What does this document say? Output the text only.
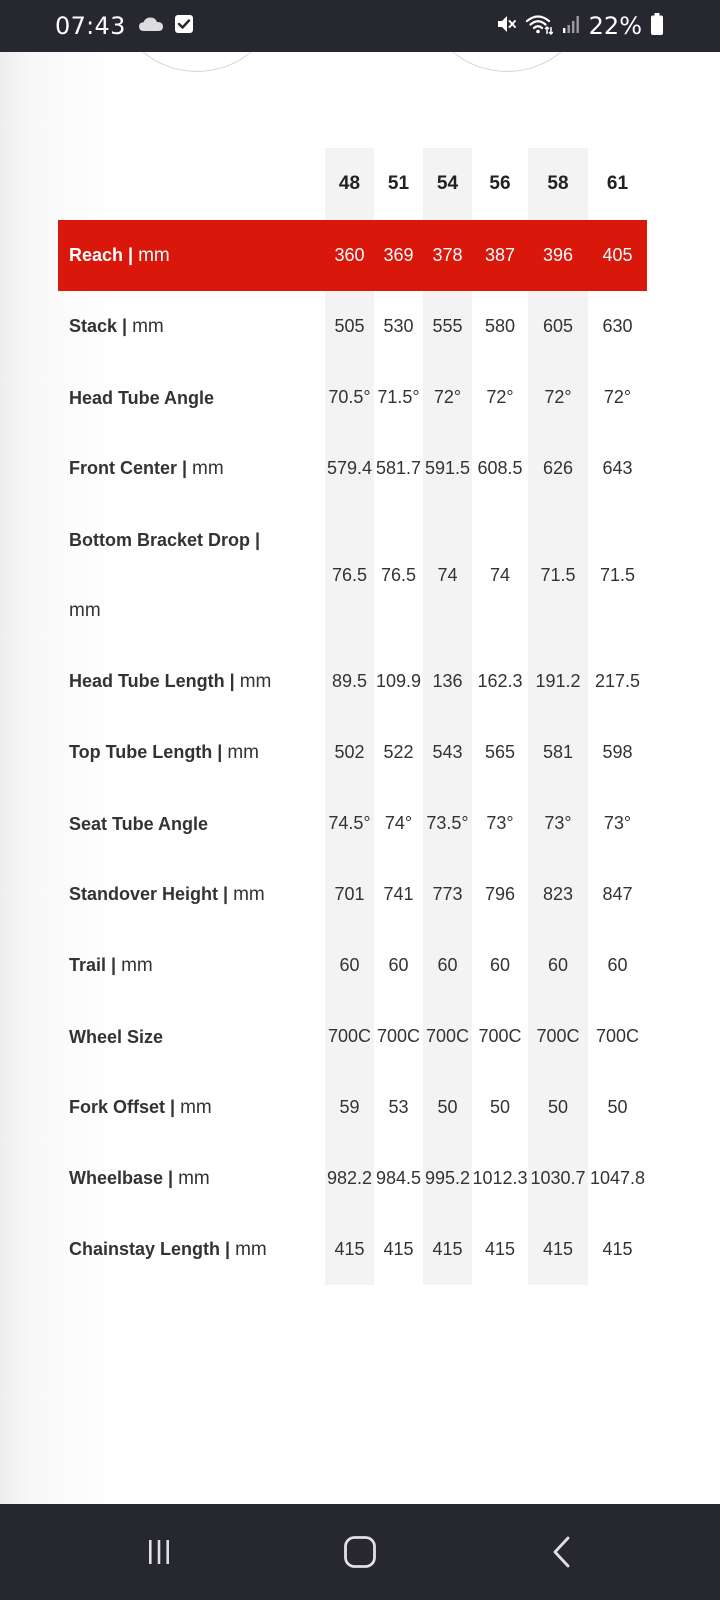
07:43	22%
	48	51	54	56	58	61
Reach | mm	360	369	378	387	396	405
Stack | mm	505	530	555	580	605	630
Head Tube Angle	70.5°	71.5°	72°	72°	72°	72°
Front Center | mm	579.4	581.7	591.5	608.5	626	643
Bottom Bracket Drop |
mm	76.5	76.5	74	74	71.5	71.5
Head Tube Length | mm	89.5	109.9	136	162.3	191.2	217.5
Top Tube Length | mm	502	522	543	565	581	598
Seat Tube Angle	74.5°	74°	73.5°	73°	73°	73°
Standover Height | mm	701	741	773	796	823	847
Trail | mm	60	60	60	60	60	60
Wheel Size	700C	700C	700C	700C	700C	700C
Fork Offset | mm	59	53	50	50	50	50
Wheelbase | mm	982.2	984.5	995.2	1012.3	1030.7	1047.8
Chainstay Length | mm	415	415	415	415	415	415
